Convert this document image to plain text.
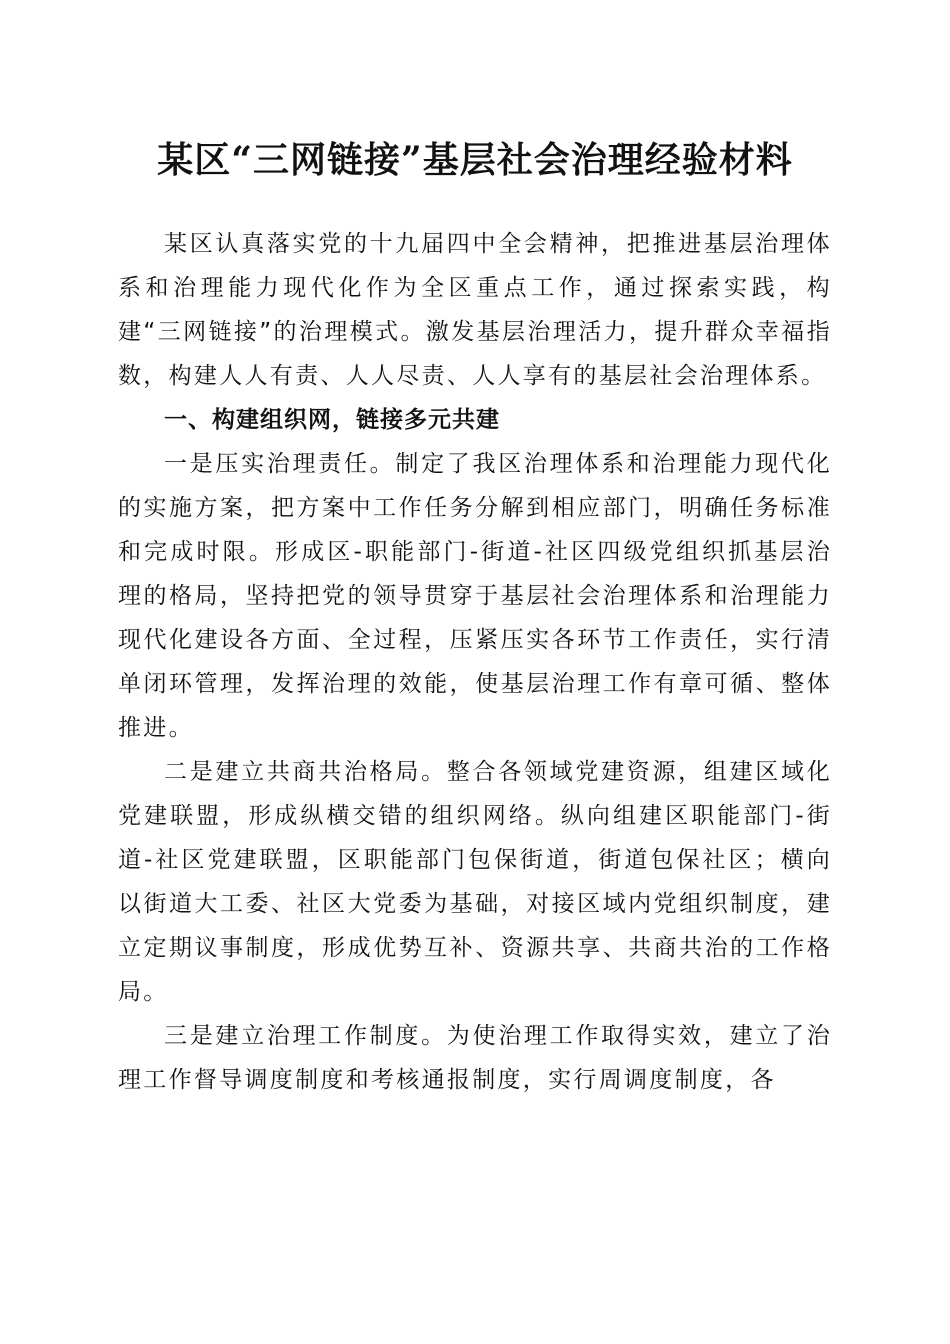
某区“三网链接”基层社会治理经验材料

某区认真落实党的十九届四中全会精神，把推进基层治理体系和治理能力现代化作为全区重点工作，通过探索实践，构建“三网链接”的治理模式。激发基层治理活力，提升群众幸福指数，构建人人有责、人人尽责、人人享有的基层社会治理体系。

一、构建组织网，链接多元共建

一是压实治理责任。制定了我区治理体系和治理能力现代化的实施方案，把方案中工作任务分解到相应部门，明确任务标准和完成时限。形成区-职能部门-街道-社区四级党组织抓基层治理的格局，坚持把党的领导贯穿于基层社会治理体系和治理能力现代化建设各方面、全过程，压紧压实各环节工作责任，实行清单闭环管理，发挥治理的效能，使基层治理工作有章可循、整体推进。

二是建立共商共治格局。整合各领域党建资源，组建区域化党建联盟，形成纵横交错的组织网络。纵向组建区职能部门-街道-社区党建联盟，区职能部门包保街道，街道包保社区；横向以街道大工委、社区大党委为基础，对接区域内党组织制度，建立定期议事制度，形成优势互补、资源共享、共商共治的工作格局。

三是建立治理工作制度。为使治理工作取得实效，建立了治理工作督导调度制度和考核通报制度，实行周调度制度，各
